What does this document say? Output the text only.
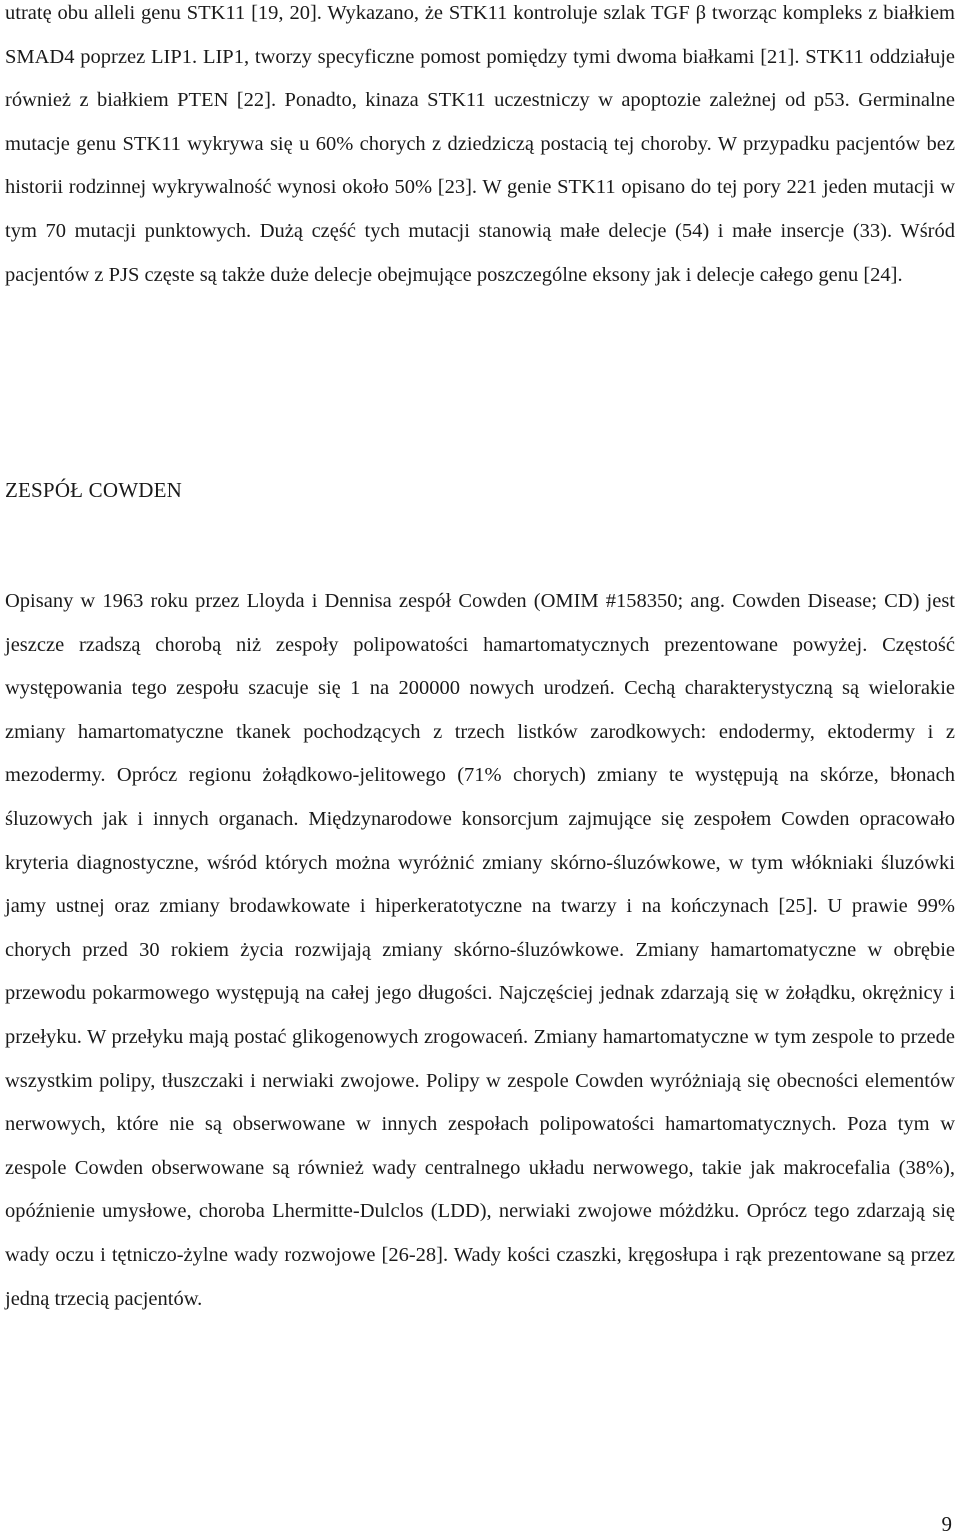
utratę obu alleli genu STK11 [19, 20]. Wykazano, że STK11 kontroluje szlak TGF β tworząc kompleks z białkiem SMAD4 poprzez LIP1. LIP1, tworzy specyficzne pomost pomiędzy tymi dwoma białkami [21]. STK11 oddziałuje również z białkiem PTEN [22]. Ponadto, kinaza STK11 uczestniczy w apoptozie zależnej od p53. Germinalne mutacje genu STK11 wykrywa się u 60% chorych z dziedziczą postacią tej choroby. W przypadku pacjentów bez historii rodzinnej wykrywalność wynosi około 50% [23]. W genie STK11 opisano do tej pory 221 jeden mutacji w tym 70 mutacji punktowych. Dużą część tych mutacji stanowią małe delecje (54) i małe insercje (33). Wśród pacjentów z PJS częste są także duże delecje obejmujące poszczególne eksony jak i delecje całego genu [24].

ZESPÓŁ COWDEN

Opisany w 1963 roku przez Lloyda i Dennisa zespół Cowden (OMIM #158350; ang. Cowden Disease; CD) jest jeszcze rzadszą chorobą niż zespoły polipowatości hamartomatycznych prezentowane powyżej. Częstość występowania tego zespołu szacuje się 1 na 200000 nowych urodzeń. Cechą charakterystyczną są wielorakie zmiany hamartomatyczne tkanek pochodzących z trzech listków zarodkowych: endodermy, ektodermy i z mezodermy. Oprócz regionu żołądkowo-jelitowego (71% chorych) zmiany te występują na skórze, błonach śluzowych jak i innych organach. Międzynarodowe konsorcjum zajmujące się zespołem Cowden opracowało kryteria diagnostyczne, wśród których można wyróżnić zmiany skórno-śluzówkowe, w tym włókniaki śluzówki jamy ustnej oraz zmiany brodawkowate i hiperkeratotyczne na twarzy i na kończynach [25]. U prawie 99% chorych przed 30 rokiem życia rozwijają zmiany skórno-śluzówkowe. Zmiany hamartomatyczne w obrębie przewodu pokarmowego występują na całej jego długości. Najczęściej jednak zdarzają się w żołądku, okrężnicy i przełyku. W przełyku mają postać glikogenowych zrogowaceń. Zmiany hamartomatyczne w tym zespole to przede wszystkim polipy, tłuszczaki i nerwiaki zwojowe. Polipy w zespole Cowden wyróżniają się obecności elementów nerwowych, które nie są obserwowane w innych zespołach polipowatości hamartomatycznych. Poza tym w zespole Cowden obserwowane są również wady centralnego układu nerwowego, takie jak makrocefalia (38%), opóźnienie umysłowe, choroba Lhermitte-Dulclos (LDD), nerwiaki zwojowe móżdżku. Oprócz tego zdarzają się wady oczu i tętniczo-żylne wady rozwojowe [26-28]. Wady kości czaszki, kręgosłupa i rąk prezentowane są przez jedną trzecią pacjentów.

9
